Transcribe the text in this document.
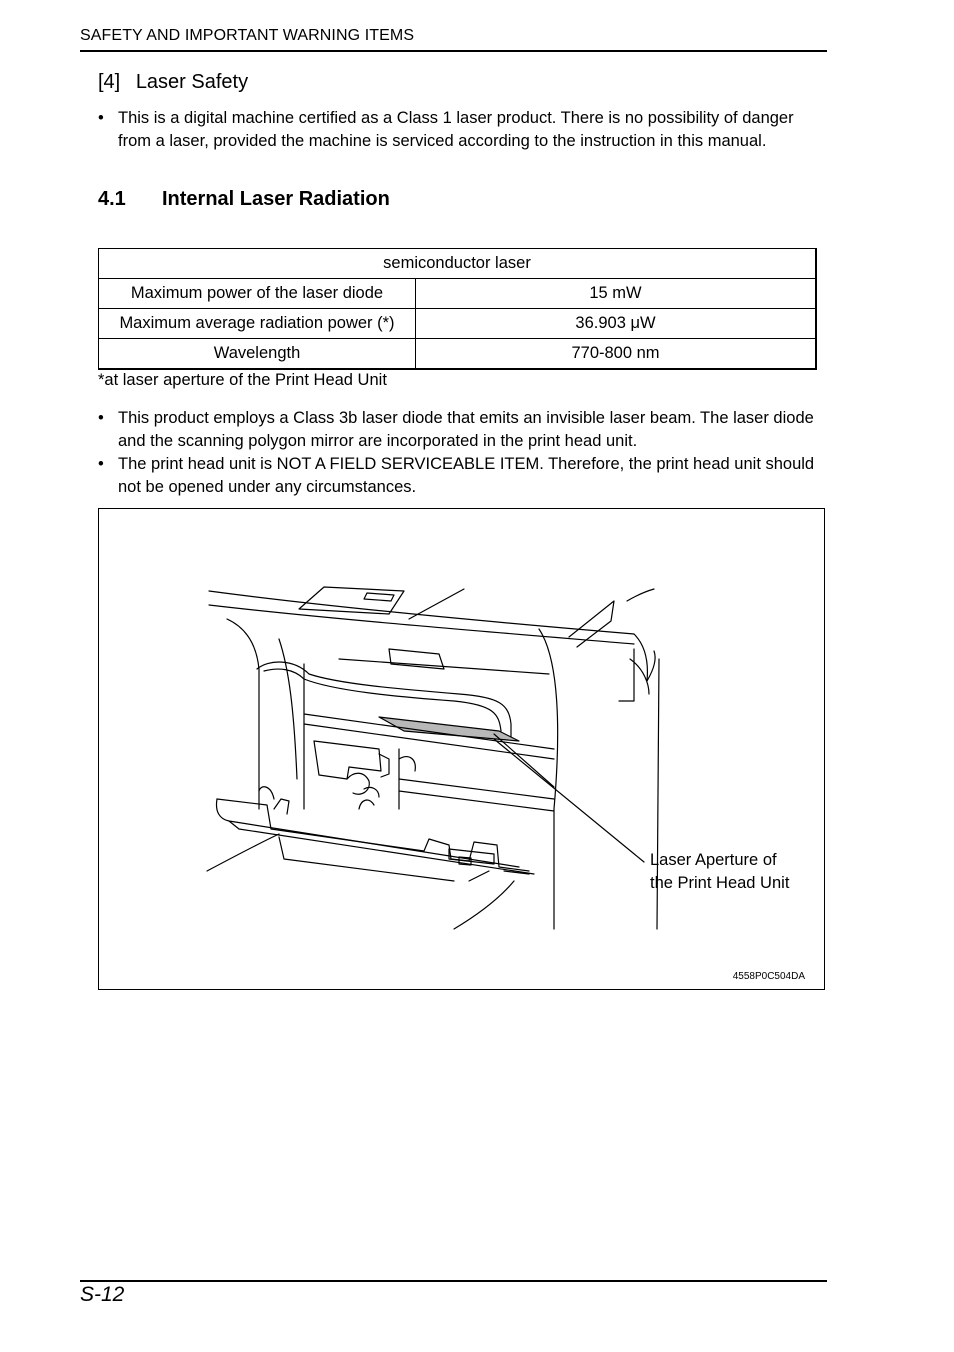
SAFETY AND IMPORTANT WARNING ITEMS
[4] Laser Safety
• This is a digital machine certified as a Class 1 laser product. There is no possibility of danger from a laser, provided the machine is serviced according to the instruction in this manual.
4.1 Internal Laser Radiation
semiconductor laser	
Maximum power of the laser diode	15 mW
Maximum average radiation power (*)	36.903 μW
Wavelength	770-800 nm
*at laser aperture of the Print Head Unit
• This product employs a Class 3b laser diode that emits an invisible laser beam. The laser diode and the scanning polygon mirror are incorporated in the print head unit.
• The print head unit is NOT A FIELD SERVICEABLE ITEM. Therefore, the print head unit should not be opened under any circumstances.
Laser Aperture of
the Print Head Unit
4558P0C504DA
S-12
